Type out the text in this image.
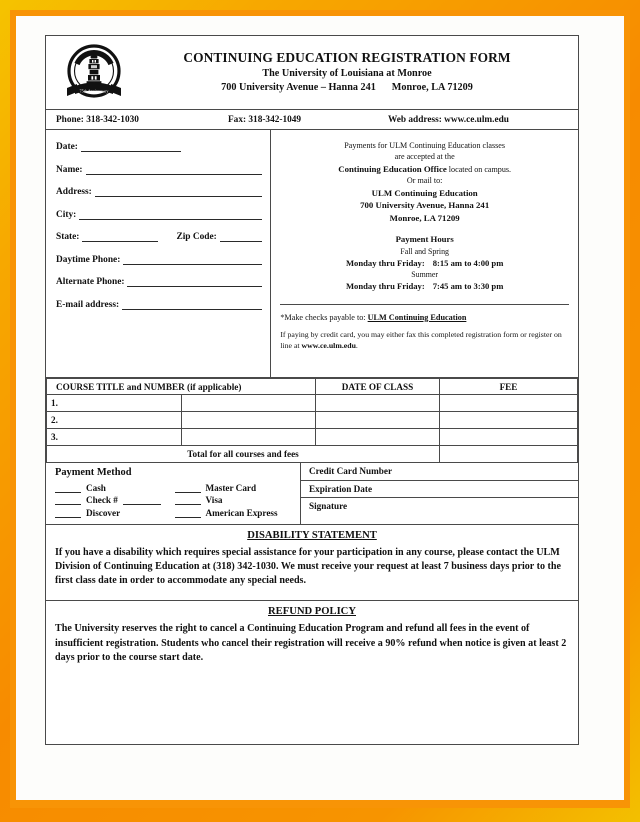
75th Anniversary
CONTINUING EDUCATION REGISTRATION FORM
The University of Louisiana at Monroe
700 University Avenue – Hanna 241 Monroe, LA 71209
Phone: 318-342-1030	Fax: 318-342-1049	Web address: www.ce.ulm.edu
Date:
Name:
Address:
City:
State:	Zip Code:
Daytime Phone:
Alternate Phone:
E-mail address:
Payments for ULM Continuing Education classes
are accepted at the
Continuing Education Office located on campus.
Or mail to:
ULM Continuing Education
700 University Avenue, Hanna 241
Monroe, LA 71209
Payment Hours
Fall and Spring
Monday thru Friday: 8:15 am to 4:00 pm
Summer
Monday thru Friday: 7:45 am to 3:30 pm
*Make checks payable to: ULM Continuing Education
If paying by credit card, you may either fax this completed registration form or register on line at www.ce.ulm.edu.
COURSE TITLE and NUMBER (if applicable)		DATE OF CLASS	FEE
1.			
2.			
3.			
Total for all courses and fees			
Payment Method
Cash
Check #
Discover
Master Card
Visa
American Express
Credit Card Number
Expiration Date
Signature
DISABILITY STATEMENT
If you have a disability which requires special assistance for your participation in any course, please contact the ULM Division of Continuing Education at (318) 342-1030. We must receive your request at least 7 business days prior to the first class date in order to accommodate any special needs.
REFUND POLICY
The University reserves the right to cancel a Continuing Education Program and refund all fees in the event of insufficient registration. Students who cancel their registration will receive a 90% refund when notice is given at least 2 days prior to the course start date.
